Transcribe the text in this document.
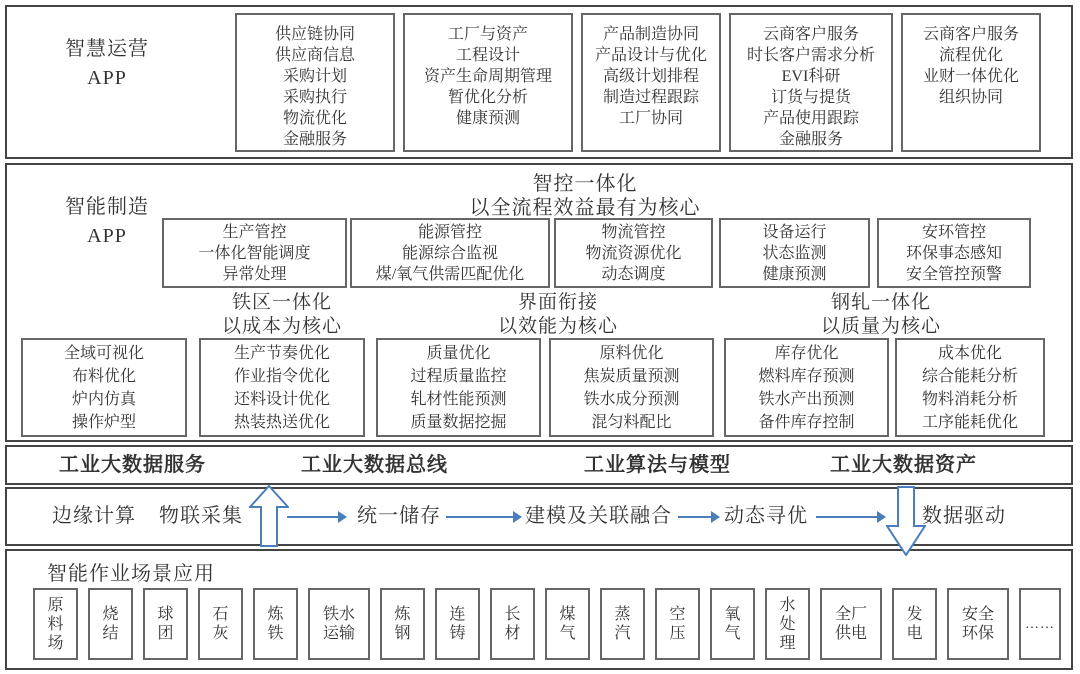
智慧运营
APP
供应链协同
供应商信息
采购计划
采购执行
物流优化
金融服务
工厂与资产
工程设计
资产生命周期管理
暂优化分析
健康预测
产品制造协同
产品设计与优化
高级计划排程
制造过程跟踪
工厂协同
云商客户服务
时长客户需求分析
EVI科研
订货与提货
产品使用跟踪
金融服务
云商客户服务
流程优化
业财一体优化
组织协同
智能制造
APP
智控一体化
以全流程效益最有为核心
生产管控
一体化智能调度
异常处理
能源管控
能源综合监视
煤/氧气供需匹配优化
物流管控
物流资源优化
动态调度
设备运行
状态监测
健康预测
安环管控
环保事态感知
安全管控预警
铁区一体化
以成本为核心
界面衔接
以效能为核心
钢轧一体化
以质量为核心
全域可视化
布料优化
炉内仿真
操作炉型
生产节奏优化
作业指令优化
还料设计优化
热装热送优化
质量优化
过程质量监控
轧材性能预测
质量数据挖掘
原料优化
焦炭质量预测
铁水成分预测
混匀料配比
库存优化
燃料库存预测
铁水产出预测
备件库存控制
成本优化
综合能耗分析
物料消耗分析
工序能耗优化
工业大数据服务	工业大数据总线	工业算法与模型	工业大数据资产
边缘计算 物联采集	统一储存	建模及关联融合	动态寻优	数据驱动
智能作业场景应用
原
料
场
烧
结
球
团
石
灰
炼
铁
铁水
运输
炼
钢
连
铸
长
材
煤
气
蒸
汽
空
压
氧
气
水
处
理
全厂
供电
发
电
安全
环保
……
